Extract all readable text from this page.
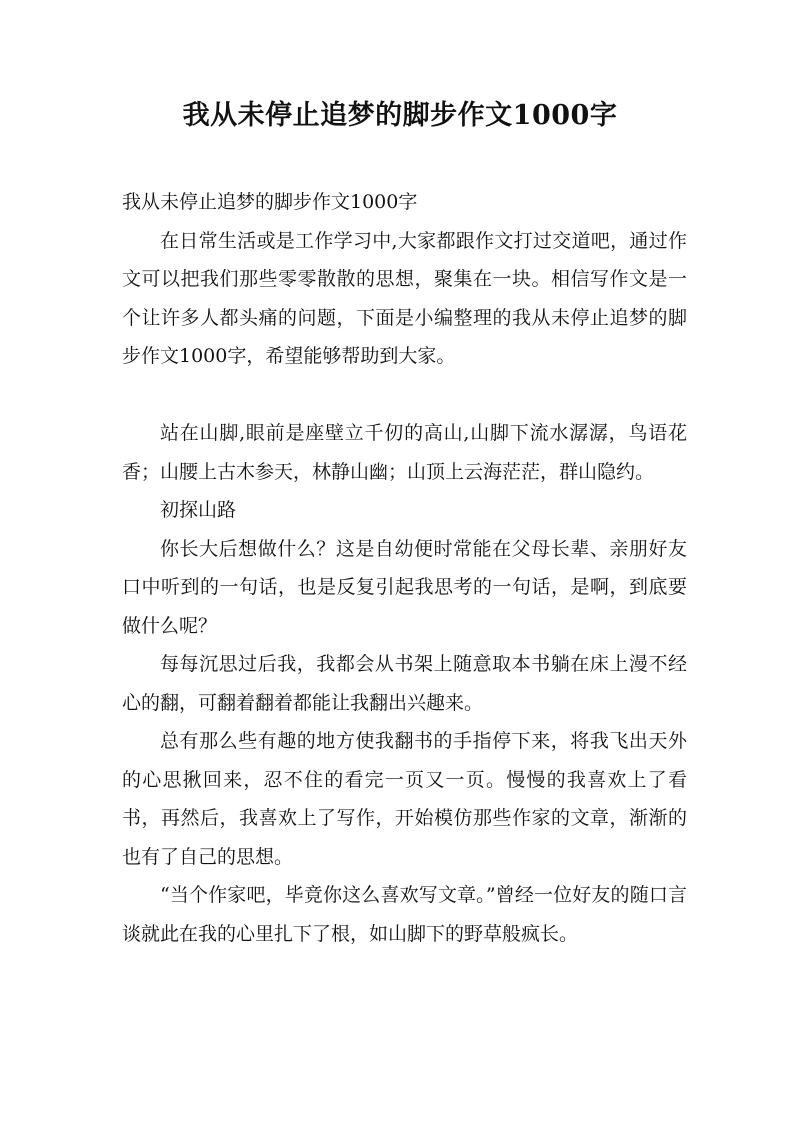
我从未停止追梦的脚步作文1000字

我从未停止追梦的脚步作文1000字

在日常生活或是工作学习中,大家都跟作文打过交道吧，通过作文可以把我们那些零零散散的思想，聚集在一块。相信写作文是一个让许多人都头痛的问题，下面是小编整理的我从未停止追梦的脚步作文1000字，希望能够帮助到大家。

站在山脚,眼前是座壁立千仞的高山,山脚下流水潺潺，鸟语花香；山腰上古木参天，林静山幽；山顶上云海茫茫，群山隐约。

初探山路

你长大后想做什么？这是自幼便时常能在父母长辈、亲朋好友口中听到的一句话，也是反复引起我思考的一句话，是啊，到底要做什么呢？

每每沉思过后我，我都会从书架上随意取本书躺在床上漫不经心的翻，可翻着翻着都能让我翻出兴趣来。

总有那么些有趣的地方使我翻书的手指停下来，将我飞出天外的心思揪回来，忍不住的看完一页又一页。慢慢的我喜欢上了看书，再然后，我喜欢上了写作，开始模仿那些作家的文章，渐渐的也有了自己的思想。

“当个作家吧，毕竟你这么喜欢写文章。”曾经一位好友的随口言谈就此在我的心里扎下了根，如山脚下的野草般疯长。
